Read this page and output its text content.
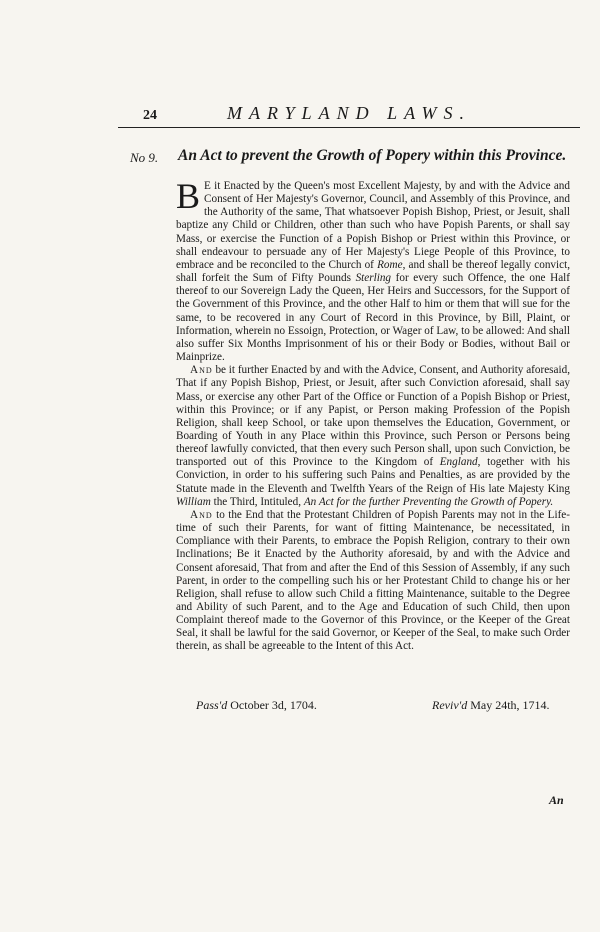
24	MARYLAND LAWS.
No 9. An Act to prevent the Growth of Popery within this Province.

B E it Enacted by the Queen's most Excellent Majesty, by and with the Advice and Consent of Her Majesty's Governor, Council, and Assembly of this Province, and the Authority of the same, That whatsoever Popish Bishop, Priest, or Jesuit, shall baptize any Child or Children, other than such who have Popish Parents, or shall say Mass, or exercise the Function of a Popish Bishop or Priest within this Province, or shall endeavour to persuade any of Her Majesty's Liege People of this Province, to embrace and be reconciled to the Church of Rome, and shall be thereof legally convict, shall forfeit the Sum of Fifty Pounds Sterling for every such Offence, the one Half thereof to our Sovereign Lady the Queen, Her Heirs and Successors, for the Support of the Government of this Province, and the other Half to him or them that will sue for the same, to be recovered in any Court of Record in this Province, by Bill, Plaint, or Information, wherein no Essoign, Protection, or Wager of Law, to be allowed: And shall also suffer Six Months Imprisonment of his or their Body or Bodies, without Bail or Mainprize.

And be it further Enacted by and with the Advice, Consent, and Authority aforesaid, That if any Popish Bishop, Priest, or Jesuit, after such Conviction aforesaid, shall say Mass, or exercise any other Part of the Office or Function of a Popish Bishop or Priest, within this Province; or if any Papist, or Person making Profession of the Popish Religion, shall keep School, or take upon themselves the Education, Government, or Boarding of Youth in any Place within this Province, such Person or Persons being thereof lawfully convicted, that then every such Person shall, upon such Conviction, be transported out of this Province to the Kingdom of England, together with his Conviction, in order to his suffering such Pains and Penalties, as are provided by the Statute made in the Eleventh and Twelfth Years of the Reign of His late Majesty King William the Third, Intituled, An Act for the further Preventing the Growth of Popery.

And to the End that the Protestant Children of Popish Parents may not in the Life-time of such their Parents, for want of fitting Maintenance, be necessitated, in Compliance with their Parents, to embrace the Popish Religion, contrary to their own Inclinations; Be it Enacted by the Authority aforesaid, by and with the Advice and Consent aforesaid, That from and after the End of this Session of Assembly, if any such Parent, in order to the compelling such his or her Protestant Child to change his or her Religion, shall refuse to allow such Child a fitting Maintenance, suitable to the Degree and Ability of such Parent, and to the Age and Education of such Child, then upon Complaint thereof made to the Governor of this Province, or the Keeper of the Great Seal, it shall be lawful for the said Governor, or Keeper of the Seal, to make such Order therein, as shall be agreeable to the Intent of this Act.

Pass'd October 3d, 1704.	Reviv'd May 24th, 1714.
An
